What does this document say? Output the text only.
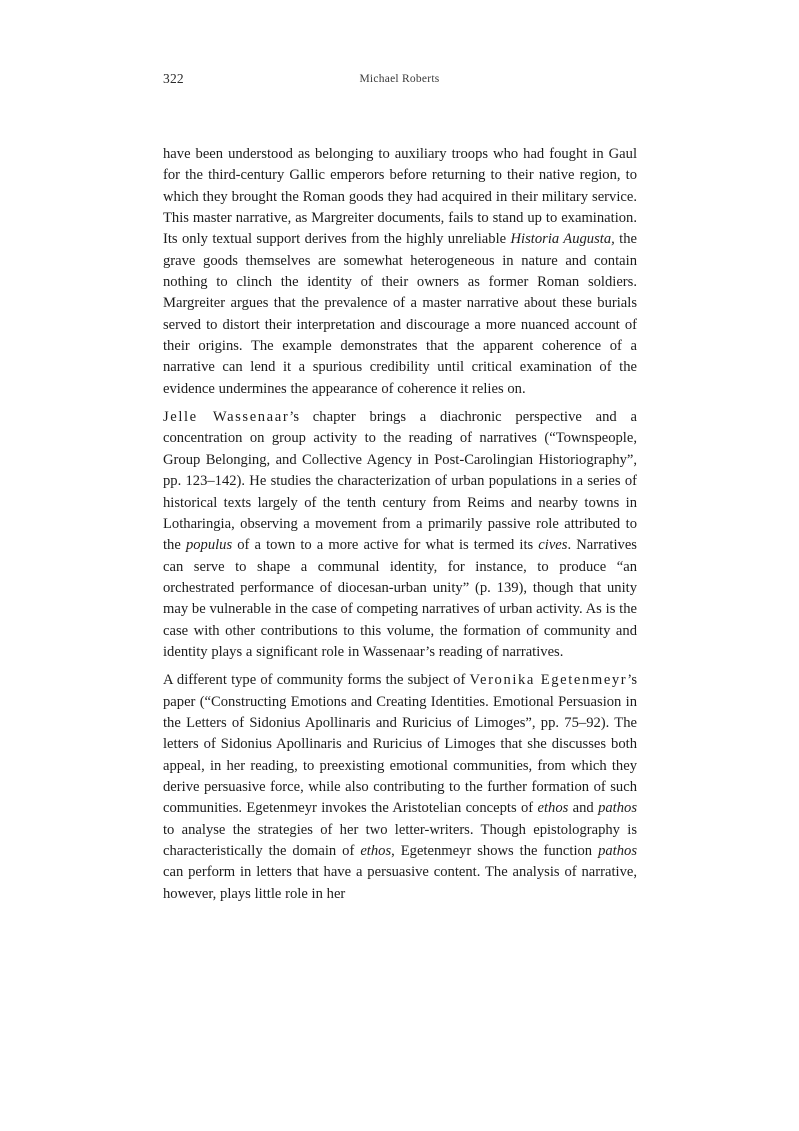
322	Michael Roberts

have been understood as belonging to auxiliary troops who had fought in Gaul for the third-century Gallic emperors before returning to their native region, to which they brought the Roman goods they had acquired in their military service. This master narrative, as Margreiter documents, fails to stand up to examination. Its only textual support derives from the highly unreliable Historia Augusta, the grave goods themselves are somewhat heterogeneous in nature and contain nothing to clinch the identity of their owners as former Roman soldiers. Margreiter argues that the prevalence of a master narrative about these burials served to distort their interpretation and discourage a more nuanced account of their origins. The example demonstrates that the apparent coherence of a narrative can lend it a spurious credibility until critical examination of the evidence undermines the appearance of coherence it relies on.

Jelle Wassenaar’s chapter brings a diachronic perspective and a concentration on group activity to the reading of narratives (“Townspeople, Group Belonging, and Collective Agency in Post-Carolingian Historiography”, pp. 123–142). He studies the characterization of urban populations in a series of historical texts largely of the tenth century from Reims and nearby towns in Lotharingia, observing a movement from a primarily passive role attributed to the populus of a town to a more active for what is termed its cives. Narratives can serve to shape a communal identity, for instance, to produce “an orchestrated performance of diocesan-urban unity” (p. 139), though that unity may be vulnerable in the case of competing narratives of urban activity. As is the case with other contributions to this volume, the formation of community and identity plays a significant role in Wassenaar’s reading of narratives.

A different type of community forms the subject of Veronika Egetenmeyr’s paper (“Constructing Emotions and Creating Identities. Emotional Persuasion in the Letters of Sidonius Apollinaris and Ruricius of Limoges”, pp. 75–92). The letters of Sidonius Apollinaris and Ruricius of Limoges that she discusses both appeal, in her reading, to preexisting emotional communities, from which they derive persuasive force, while also contributing to the further formation of such communities. Egetenmeyr invokes the Aristotelian concepts of ethos and pathos to analyse the strategies of her two letter-writers. Though epistolography is characteristically the domain of ethos, Egetenmeyr shows the function pathos can perform in letters that have a persuasive content. The analysis of narrative, however, plays little role in her
